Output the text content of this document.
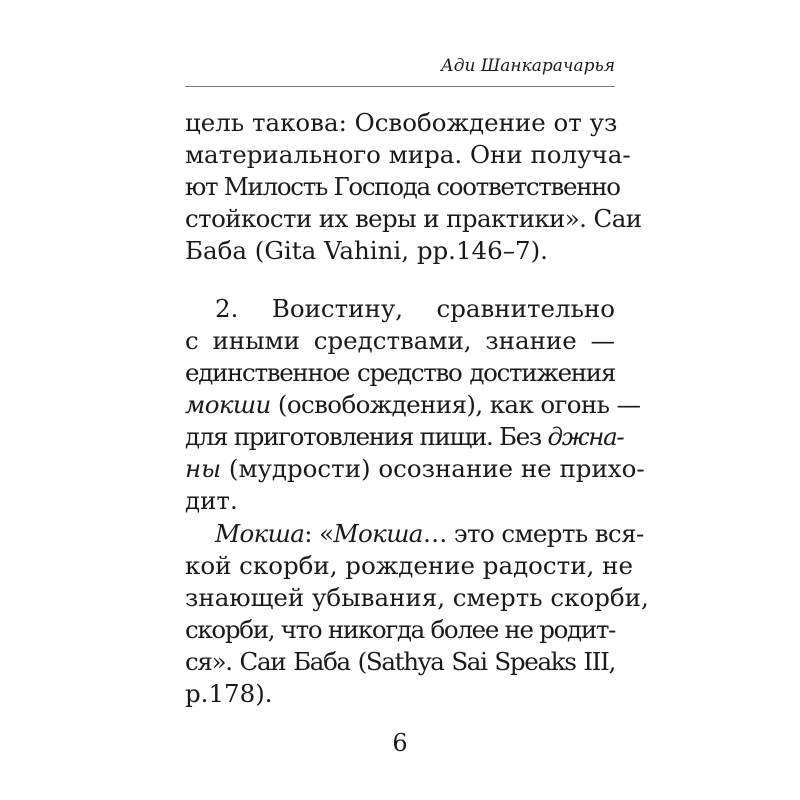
Ади Шанкарачарья
цель такова: Освобождение от уз
материального мира. Они получа-
ют Милость Господа соответственно
стойкости их веры и практики». Саи
Баба (Gita Vahini, pp.146–7).
2. Воистину, сравнительно
с иными средствами, знание —
единственное средство достижения
мокши (освобождения), как огонь —
для приготовления пищи. Без джна-
ны (мудрости) осознание не прихо-
дит.
Мокша: «Мокша… это смерть вся-
кой скорби, рождение радости, не
знающей убывания, смерть скорби,
скорби, что никогда более не родит-
ся». Саи Баба (Sathya Sai Speaks III,
p.178).
6
